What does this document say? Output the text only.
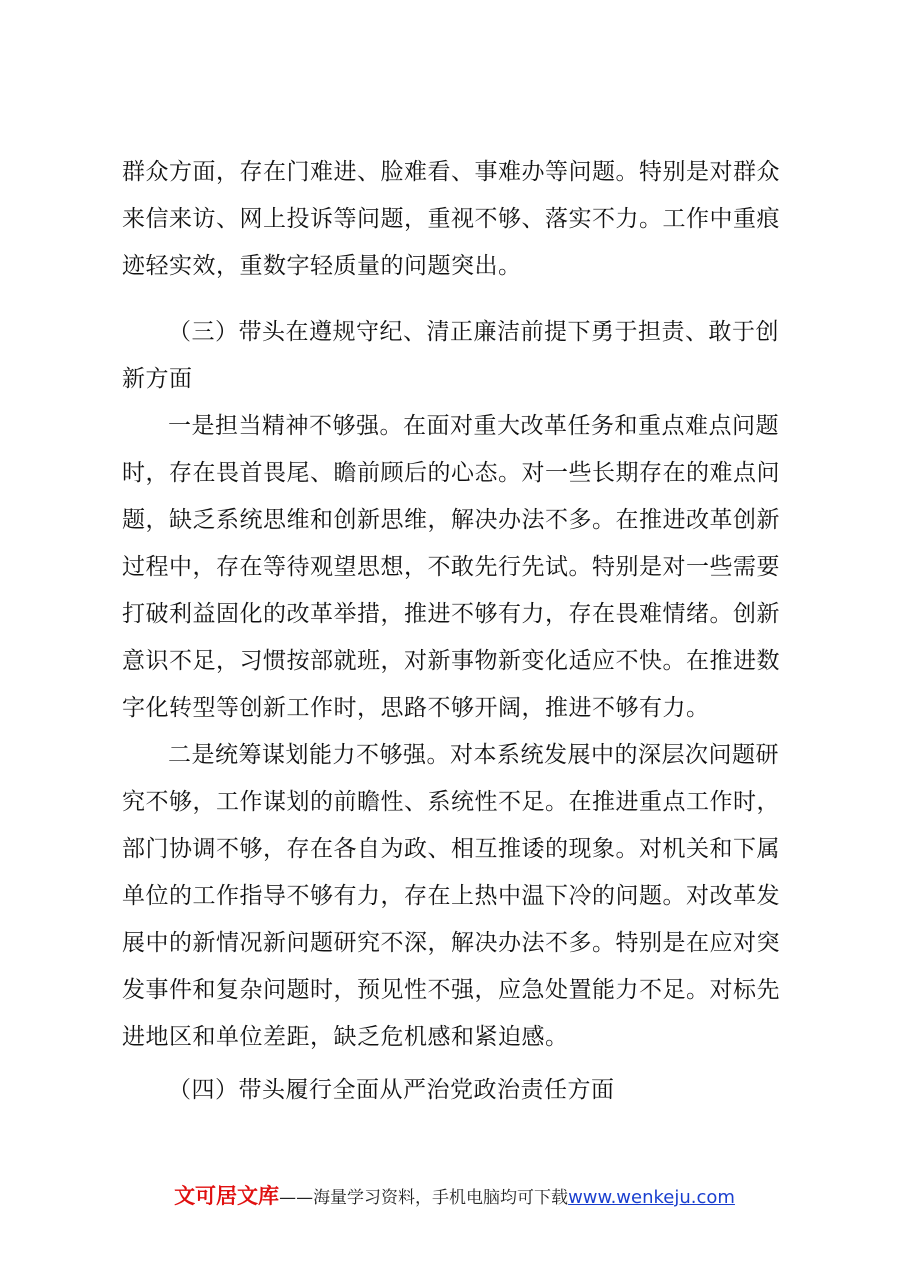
群众方面，存在门难进、脸难看、事难办等问题。特别是对群众
来信来访、网上投诉等问题，重视不够、落实不力。工作中重痕
迹轻实效，重数字轻质量的问题突出。
（三）带头在遵规守纪、清正廉洁前提下勇于担责、敢于创
新方面
一是担当精神不够强。在面对重大改革任务和重点难点问题
时，存在畏首畏尾、瞻前顾后的心态。对一些长期存在的难点问
题，缺乏系统思维和创新思维，解决办法不多。在推进改革创新
过程中，存在等待观望思想，不敢先行先试。特别是对一些需要
打破利益固化的改革举措，推进不够有力，存在畏难情绪。创新
意识不足，习惯按部就班，对新事物新变化适应不快。在推进数
字化转型等创新工作时，思路不够开阔，推进不够有力。
二是统筹谋划能力不够强。对本系统发展中的深层次问题研
究不够，工作谋划的前瞻性、系统性不足。在推进重点工作时，
部门协调不够，存在各自为政、相互推诿的现象。对机关和下属
单位的工作指导不够有力，存在上热中温下冷的问题。对改革发
展中的新情况新问题研究不深，解决办法不多。特别是在应对突
发事件和复杂问题时，预见性不强，应急处置能力不足。对标先
进地区和单位差距，缺乏危机感和紧迫感。
（四）带头履行全面从严治党政治责任方面
文可居文库——海量学习资料，手机电脑均可下载www.wenkeju.com
